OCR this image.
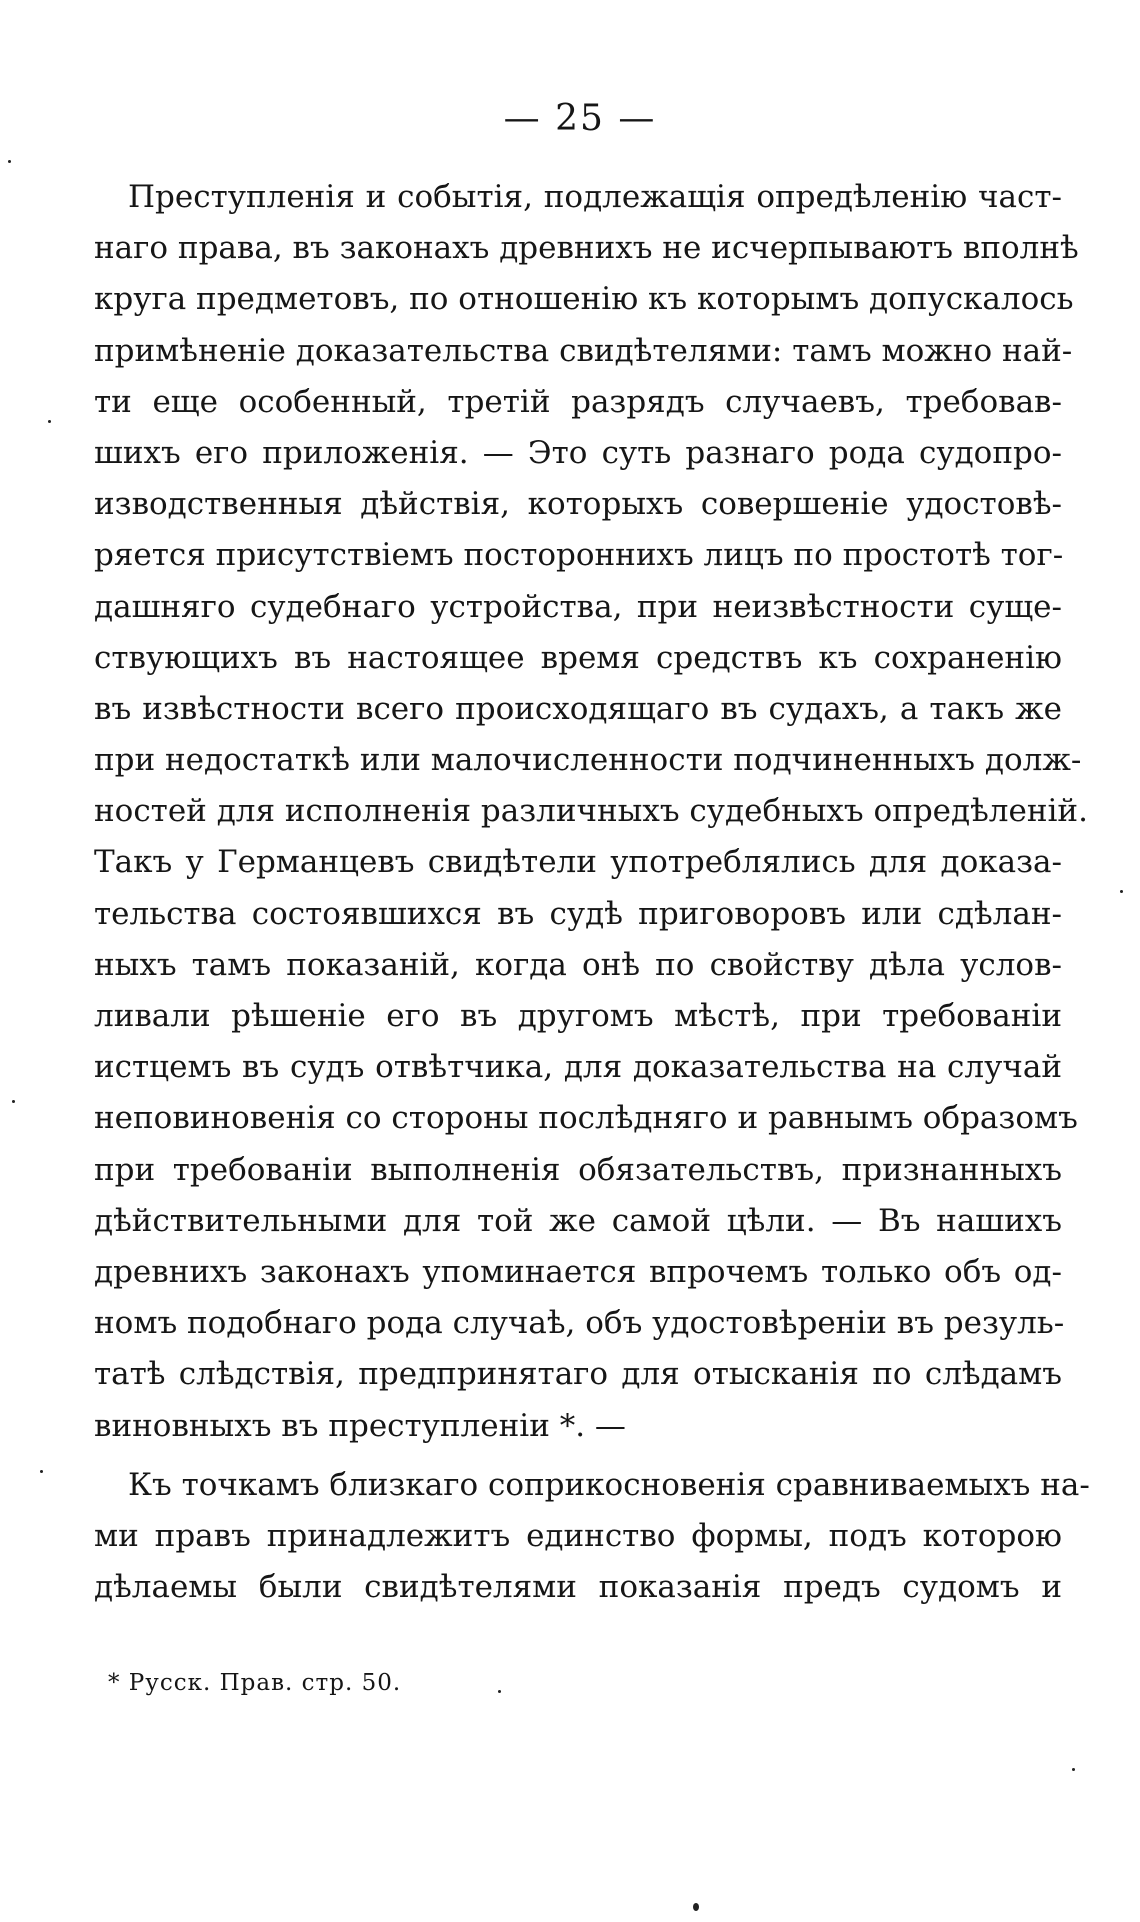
— 25 —
Преступленія и событія, подлежащія опредѣленію част-
наго права, въ законахъ древнихъ не исчерпываютъ вполнѣ
круга предметовъ, по отношенію къ которымъ допускалось
примѣненіе доказательства свидѣтелями: тамъ можно най-
ти еще особенный, третій разрядъ случаевъ, требовав-
шихъ его приложенія. — Это суть разнаго рода судопро-
изводственныя дѣйствія, которыхъ совершеніе удостовѣ-
ряется присутствіемъ постороннихъ лицъ по простотѣ тог-
дашняго судебнаго устройства, при неизвѣстности суще-
ствующихъ въ настоящее время средствъ къ сохраненію
въ извѣстности всего происходящаго въ судахъ, а такъ же
при недостаткѣ или малочисленности подчиненныхъ долж-
ностей для исполненія различныхъ судебныхъ опредѣленій.
Такъ у Германцевъ свидѣтели употреблялись для доказа-
тельства состоявшихся въ судѣ приговоровъ или сдѣлан-
ныхъ тамъ показаній, когда онѣ по свойству дѣла услов-
ливали рѣшеніе его въ другомъ мѣстѣ, при требованіи
истцемъ въ судъ отвѣтчика, для доказательства на случай
неповиновенія со стороны послѣдняго и равнымъ образомъ
при требованіи выполненія обязательствъ, признанныхъ
дѣйствительными для той же самой цѣли. — Въ нашихъ
древнихъ законахъ упоминается впрочемъ только объ од-
номъ подобнаго рода случаѣ, объ удостовѣреніи въ резуль-
татѣ слѣдствія, предпринятаго для отысканія по слѣдамъ
виновныхъ въ преступленіи *. —
Къ точкамъ близкаго соприкосновенія сравниваемыхъ на-
ми правъ принадлежитъ единство формы, подъ которою
дѣлаемы были свидѣтелями показанія предъ судомъ и
* Русск. Прав. стр. 50.
